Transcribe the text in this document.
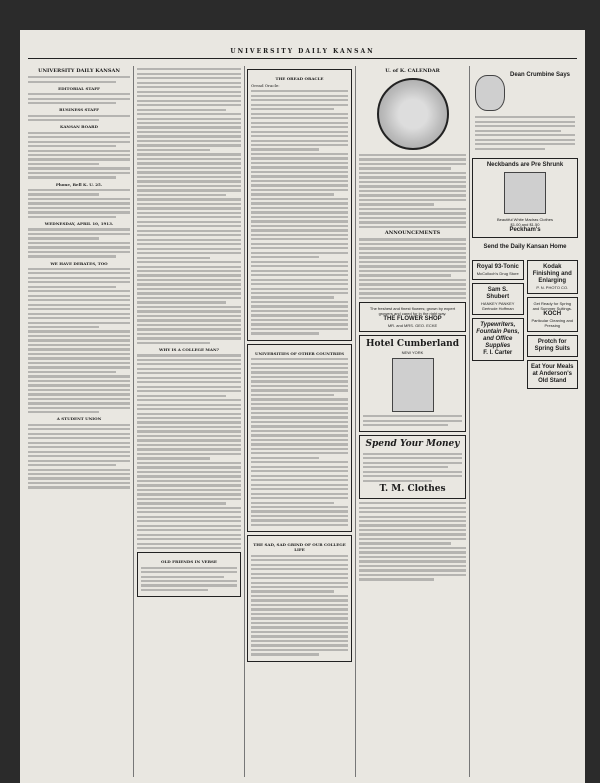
UNIVERSITY DAILY KANSAN
UNIVERSITY DAILY KANSAN
EDITORIAL STAFF
BUSINESS STAFF
KANSAN BOARD
Phone, Bell K. U. 25.
WEDNESDAY, APRIL 10, 1913.
WE HAVE DEBATES, TOO
A STUDENT UNION
WHY IS A COLLEGE MAN?
OLD FRIENDS IN VERSE
THE OREAD ORACLE
Oread Oracle:
UNIVERSITIES OF OTHER COUNTRIES
THE SAD, SAD GRIND OF OUR COLLEGE LIFE
U. of K. CALENDAR
ANNOUNCEMENTS
The freshest and finest flowers; grown by expert growers and cared for in the right way.
THE FLOWER SHOP
MR. and MRS. GEO. ECKE
Hotel Cumberland
NEW YORK
Spend Your Money
T. M. Clothes
Dean Crumbine Says
Neckbands are Pre Shrunk
Beautiful White Madras Clothes
$1.00 and $1.50
Peckham's
Send the Daily Kansan Home
Royal 93-Tonic
McColloch's Drug Store
Sam S. Shubert
HANKEY PANKEY
Gertrude Hoffman
Typewriters, Fountain Pens, and Office Supplies
F. I. Carter
Kodak Finishing and Enlarging
P. N. PHOTO CO.
Get Ready for Spring and Summer Suitings.
KOCH
Particular Cleaning and Pressing
Protch for Spring Suits
Eat Your Meals at Anderson's Old Stand
